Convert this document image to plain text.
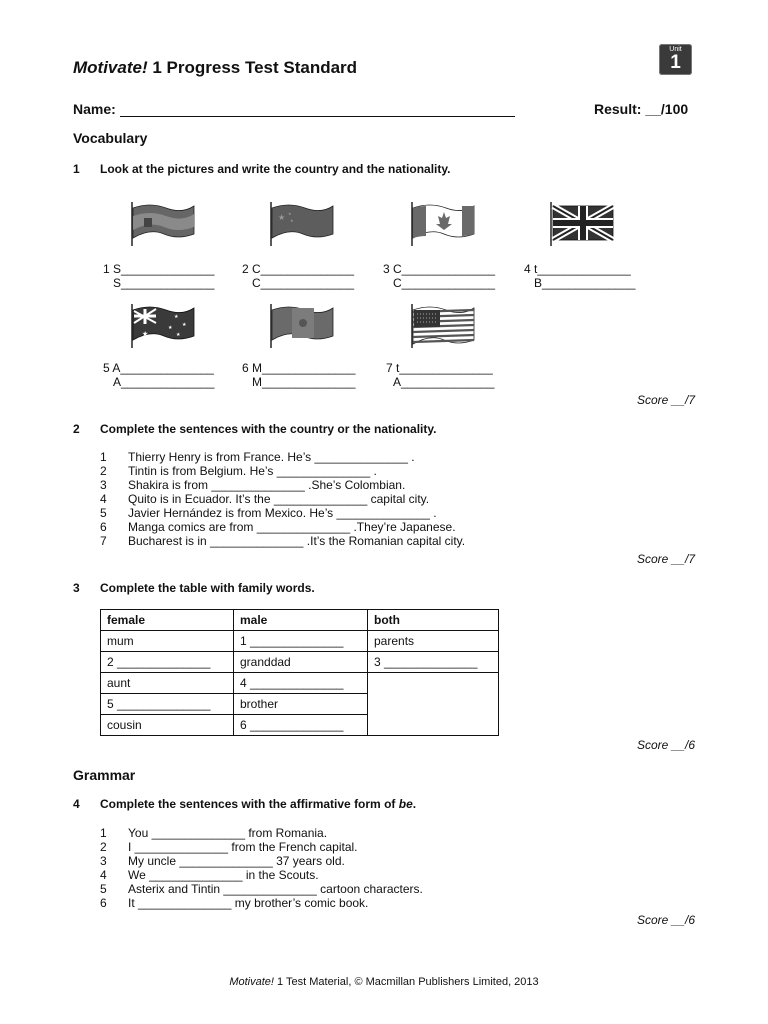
Motivate! 1 Progress Test Standard
Unit
1
Name:	Result: __/100
Vocabulary
1 Look at the pictures and write the country and the nationality.
★ ★
★
1 S______________
S______________
2 C______________
C______________
3 C______________
C______________
4 t______________
B______________
★
★
★
★
★
5 A______________
A______________
6 M______________
M______________
7 t______________
A______________
Score __/7
2 Complete the sentences with the country or the nationality.
1	Thierry Henry is from France. He’s ______________ .
2	Tintin is from Belgium. He’s ______________ .
3	Shakira is from ______________ .She’s Colombian.
4	Quito is in Ecuador. It’s the ______________ capital city.
5	Javier Hernández is from Mexico. He’s ______________ .
6	Manga comics are from ______________ .They’re Japanese.
7	Bucharest is in ______________ .It’s the Romanian capital city.
Score __/7
3 Complete the table with family words.
female	male	both
mum	1 ______________	parents
2 ______________	granddad	3 ______________
aunt	4 ______________	
5 ______________	brother	
cousin	6 ______________	
Score __/6
Grammar
4 Complete the sentences with the affirmative form of be.
1	You ______________ from Romania.
2	I ______________ from the French capital.
3	My uncle ______________ 37 years old.
4	We ______________ in the Scouts.
5	Asterix and Tintin ______________ cartoon characters.
6	It ______________ my brother’s comic book.
Score __/6
Motivate! 1 Test Material, © Macmillan Publishers Limited, 2013
